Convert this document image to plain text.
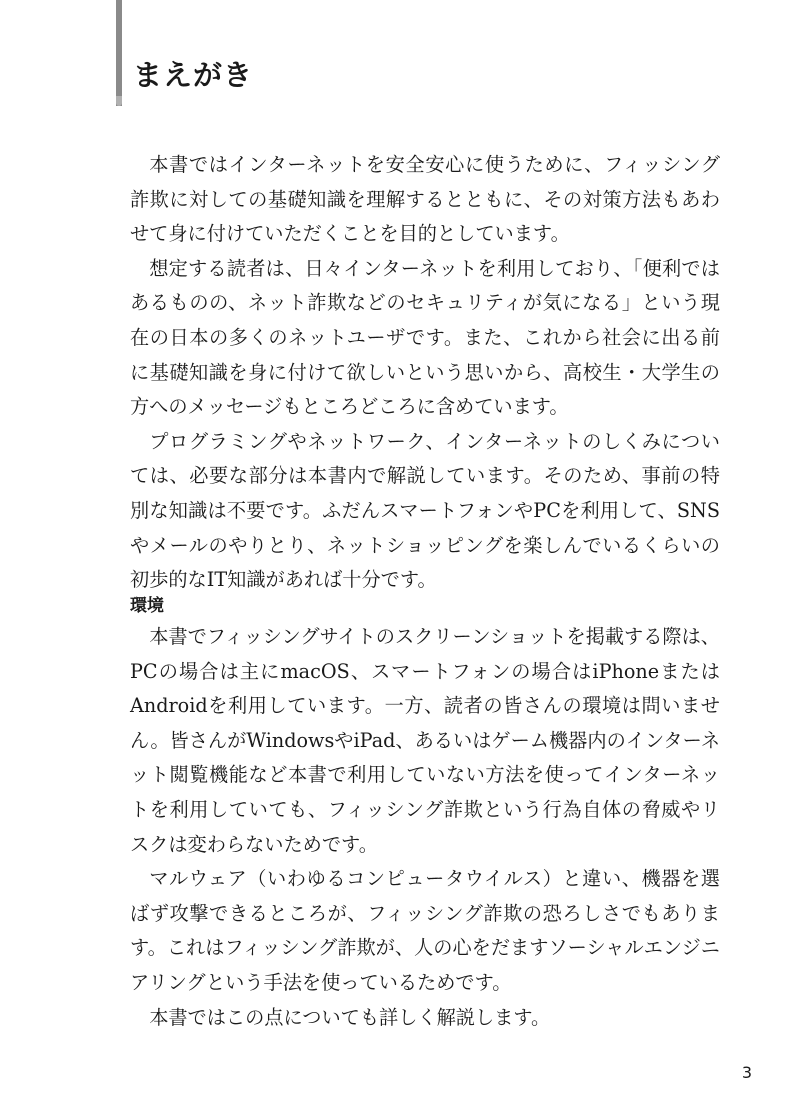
まえがき

本書ではインターネットを安全安心に使うために、フィッシング詐欺に対しての基礎知識を理解するとともに、その対策方法もあわせて身に付けていただくことを目的としています。

想定する読者は、日々インターネットを利用しており、「便利ではあるものの、ネット詐欺などのセキュリティが気になる」という現在の日本の多くのネットユーザです。また、これから社会に出る前に基礎知識を身に付けて欲しいという思いから、高校生・大学生の方へのメッセージもところどころに含めています。

プログラミングやネットワーク、インターネットのしくみについては、必要な部分は本書内で解説しています。そのため、事前の特別な知識は不要です。ふだんスマートフォンやPCを利用して、SNSやメールのやりとり、ネットショッピングを楽しんでいるくらいの初歩的なIT知識があれば十分です。

環境

本書でフィッシングサイトのスクリーンショットを掲載する際は、PCの場合は主にmacOS、スマートフォンの場合はiPhoneまたはAndroidを利用しています。一方、読者の皆さんの環境は問いません。皆さんがWindowsやiPad、あるいはゲーム機器内のインターネット閲覧機能など本書で利用していない方法を使ってインターネットを利用していても、フィッシング詐欺という行為自体の脅威やリスクは変わらないためです。

マルウェア（いわゆるコンピュータウイルス）と違い、機器を選ばず攻撃できるところが、フィッシング詐欺の恐ろしさでもあります。これはフィッシング詐欺が、人の心をだますソーシャルエンジニアリングという手法を使っているためです。

本書ではこの点についても詳しく解説します。

3
